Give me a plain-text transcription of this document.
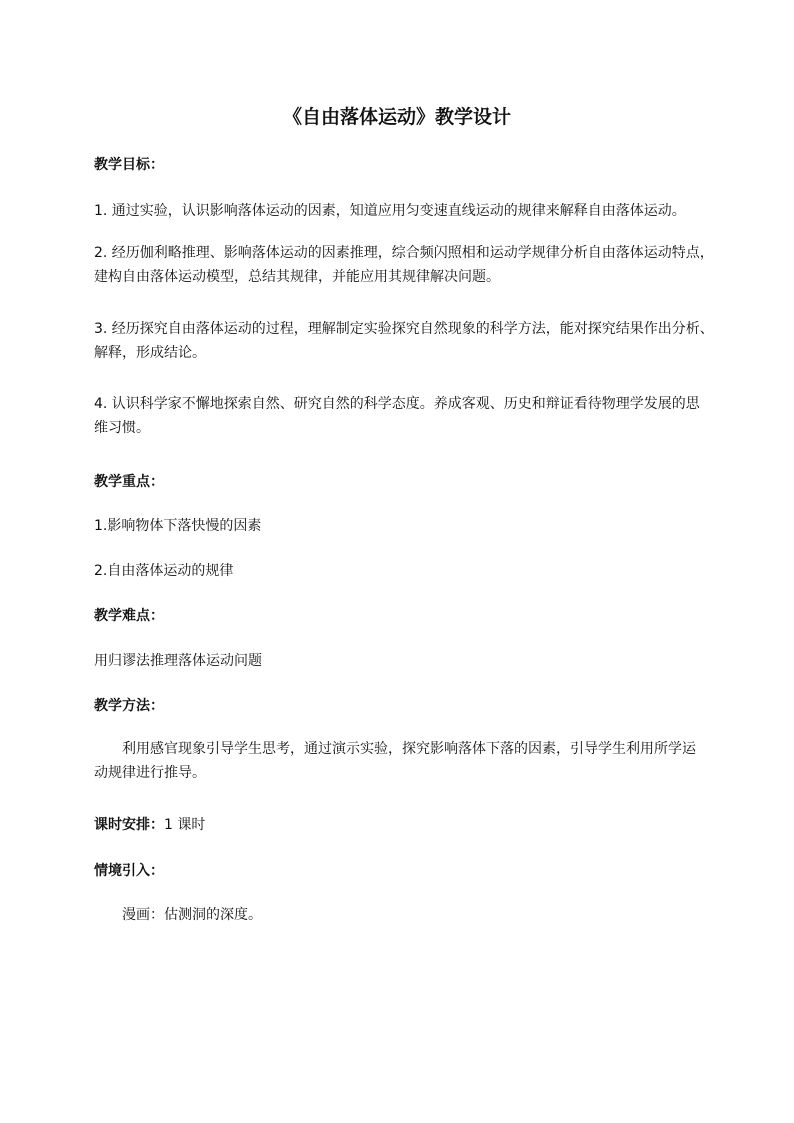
《自由落体运动》教学设计

教学目标：

1. 通过实验，认识影响落体运动的因素，知道应用匀变速直线运动的规律来解释自由落体运动。

2. 经历伽利略推理、影响落体运动的因素推理，综合频闪照相和运动学规律分析自由落体运动特点，
建构自由落体运动模型，总结其规律，并能应用其规律解决问题。

3. 经历探究自由落体运动的过程，理解制定实验探究自然现象的科学方法，能对探究结果作出分析、
解释，形成结论。

4. 认识科学家不懈地探索自然、研究自然的科学态度。养成客观、历史和辩证看待物理学发展的思
维习惯。

教学重点：

1.影响物体下落快慢的因素

2.自由落体运动的规律

教学难点：

用归谬法推理落体运动问题

教学方法：

利用感官现象引导学生思考，通过演示实验，探究影响落体下落的因素，引导学生利用所学运
动规律进行推导。

课时安排：1 课时

情境引入：

漫画：估测洞的深度。
